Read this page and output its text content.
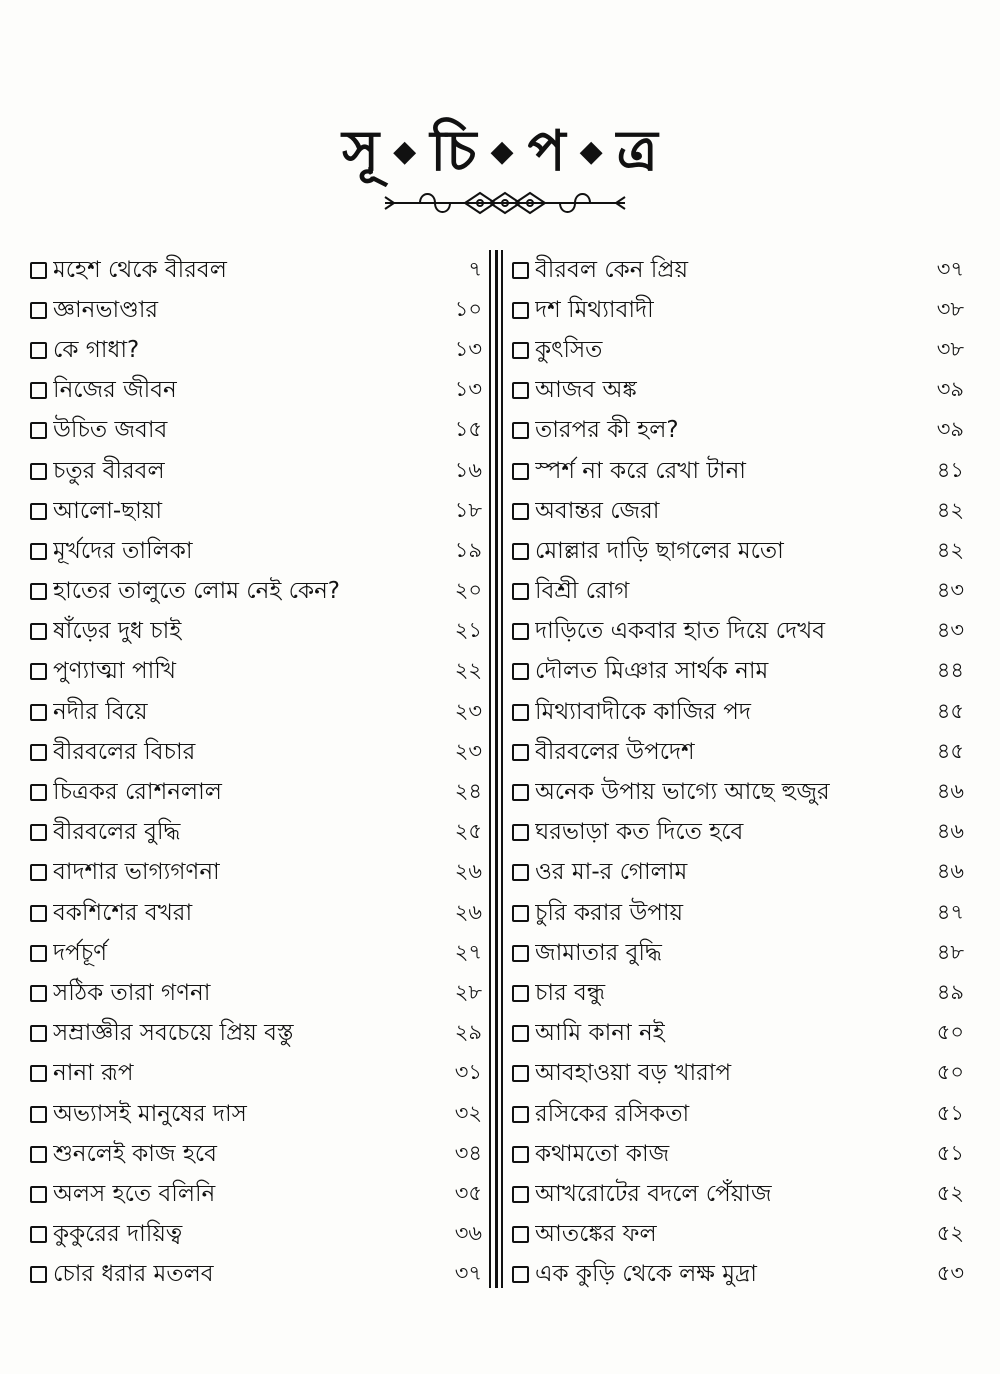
সূ ◆ চি ◆ প ◆ ত্র
মহেশ থেকে বীরবল	৭
জ্ঞানভাণ্ডার	১০
কে গাধা?	১৩
নিজের জীবন	১৩
উচিত জবাব	১৫
চতুর বীরবল	১৬
আলো-ছায়া	১৮
মূর্খদের তালিকা	১৯
হাতের তালুতে লোম নেই কেন?	২০
ষাঁড়ের দুধ চাই	২১
পুণ্যাত্মা পাখি	২২
নদীর বিয়ে	২৩
বীরবলের বিচার	২৩
চিত্রকর রোশনলাল	২৪
বীরবলের বুদ্ধি	২৫
বাদশার ভাগ্যগণনা	২৬
বকশিশের বখরা	২৬
দর্পচূর্ণ	২৭
সঠিক তারা গণনা	২৮
সম্রাজ্ঞীর সবচেয়ে প্রিয় বস্তু	২৯
নানা রূপ	৩১
অভ্যাসই মানুষের দাস	৩২
শুনলেই কাজ হবে	৩৪
অলস হতে বলিনি	৩৫
কুকুরের দায়িত্ব	৩৬
চোর ধরার মতলব	৩৭
বীরবল কেন প্রিয়	৩৭
দশ মিথ্যাবাদী	৩৮
কুৎসিত	৩৮
আজব অঙ্ক	৩৯
তারপর কী হল?	৩৯
স্পর্শ না করে রেখা টানা	৪১
অবান্তর জেরা	৪২
মোল্লার দাড়ি ছাগলের মতো	৪২
বিশ্রী রোগ	৪৩
দাড়িতে একবার হাত দিয়ে দেখব	৪৩
দৌলত মিঞার সার্থক নাম	৪৪
মিথ্যাবাদীকে কাজির পদ	৪৫
বীরবলের উপদেশ	৪৫
অনেক উপায় ভাগ্যে আছে হুজুর	৪৬
ঘরভাড়া কত দিতে হবে	৪৬
ওর মা-র গোলাম	৪৬
চুরি করার উপায়	৪৭
জামাতার বুদ্ধি	৪৮
চার বন্ধু	৪৯
আমি কানা নই	৫০
আবহাওয়া বড় খারাপ	৫০
রসিকের রসিকতা	৫১
কথামতো কাজ	৫১
আখরোটের বদলে পেঁয়াজ	৫২
আতঙ্কের ফল	৫২
এক কুড়ি থেকে লক্ষ মুদ্রা	৫৩
